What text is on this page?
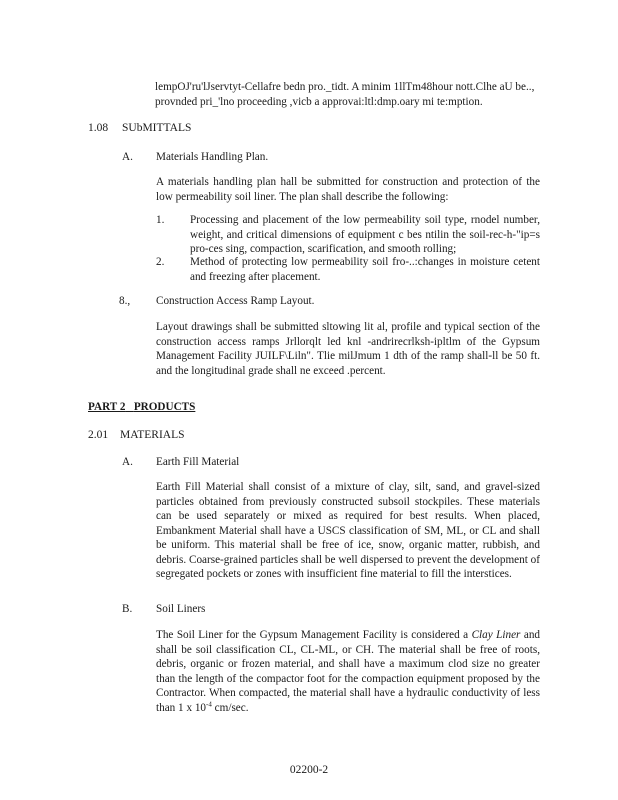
lempOJ'ru'lJservtyt-Cellafre bedn pro._tidt. A minim 1llTm48hour nott.Clhe aU be..,
provnded pri_'lno proceeding ,vicb a approvai:ltl:dmp.oary mi te:mption.
1.08 SUbMITTALS
A. Materials Handling Plan.
A materials handling plan hall be submitted for construction and protection of the low permeability soil liner. The plan shall describe the following:
1. Processing and placement of the low permeability soil type, rnodel number, weight, and critical dimensions of equipment c bes ntilin the soil-rec-h-"ip=s pro-ces sing, compaction, scarification, and smooth rolling;
2. Method of protecting low permeability soil fro-..:changes in moisture cetent and freezing after placement.
8., Construction Access Ramp Layout.
Layout drawings shall be submitted sltowing lit al, profile and typical section of the construction access ramps Jrllorqlt led knl -andrirecrlksh-ipltlm of the Gypsum Management Facility JUILF\Liln". Tlie milJmum 1 dth of the ramp shall-ll be 50 ft. and the longitudinal grade shall ne exceed .percent.
PART 2 PRODUCTS
2.01 MATERIALS
A. Earth Fill Material
Earth Fill Material shall consist of a mixture of clay, silt, sand, and gravel-sized particles obtained from previously constructed subsoil stockpiles. These materials can be used separately or mixed as required for best results. When placed, Embankment Material shall have a USCS classification of SM, ML, or CL and shall be uniform. This material shall be free of ice, snow, organic matter, rubbish, and debris. Coarse-grained particles shall be well dispersed to prevent the development of segregated pockets or zones with insufficient fine material to fill the interstices.
B. Soil Liners
The Soil Liner for the Gypsum Management Facility is considered a Clay Liner and shall be soil classification CL, CL-ML, or CH. The material shall be free of roots, debris, organic or frozen material, and shall have a maximum clod size no greater than the length of the compactor foot for the compaction equipment proposed by the Contractor. When compacted, the material shall have a hydraulic conductivity of less than 1 x $10^{-4}$ cm/sec.
02200-2
